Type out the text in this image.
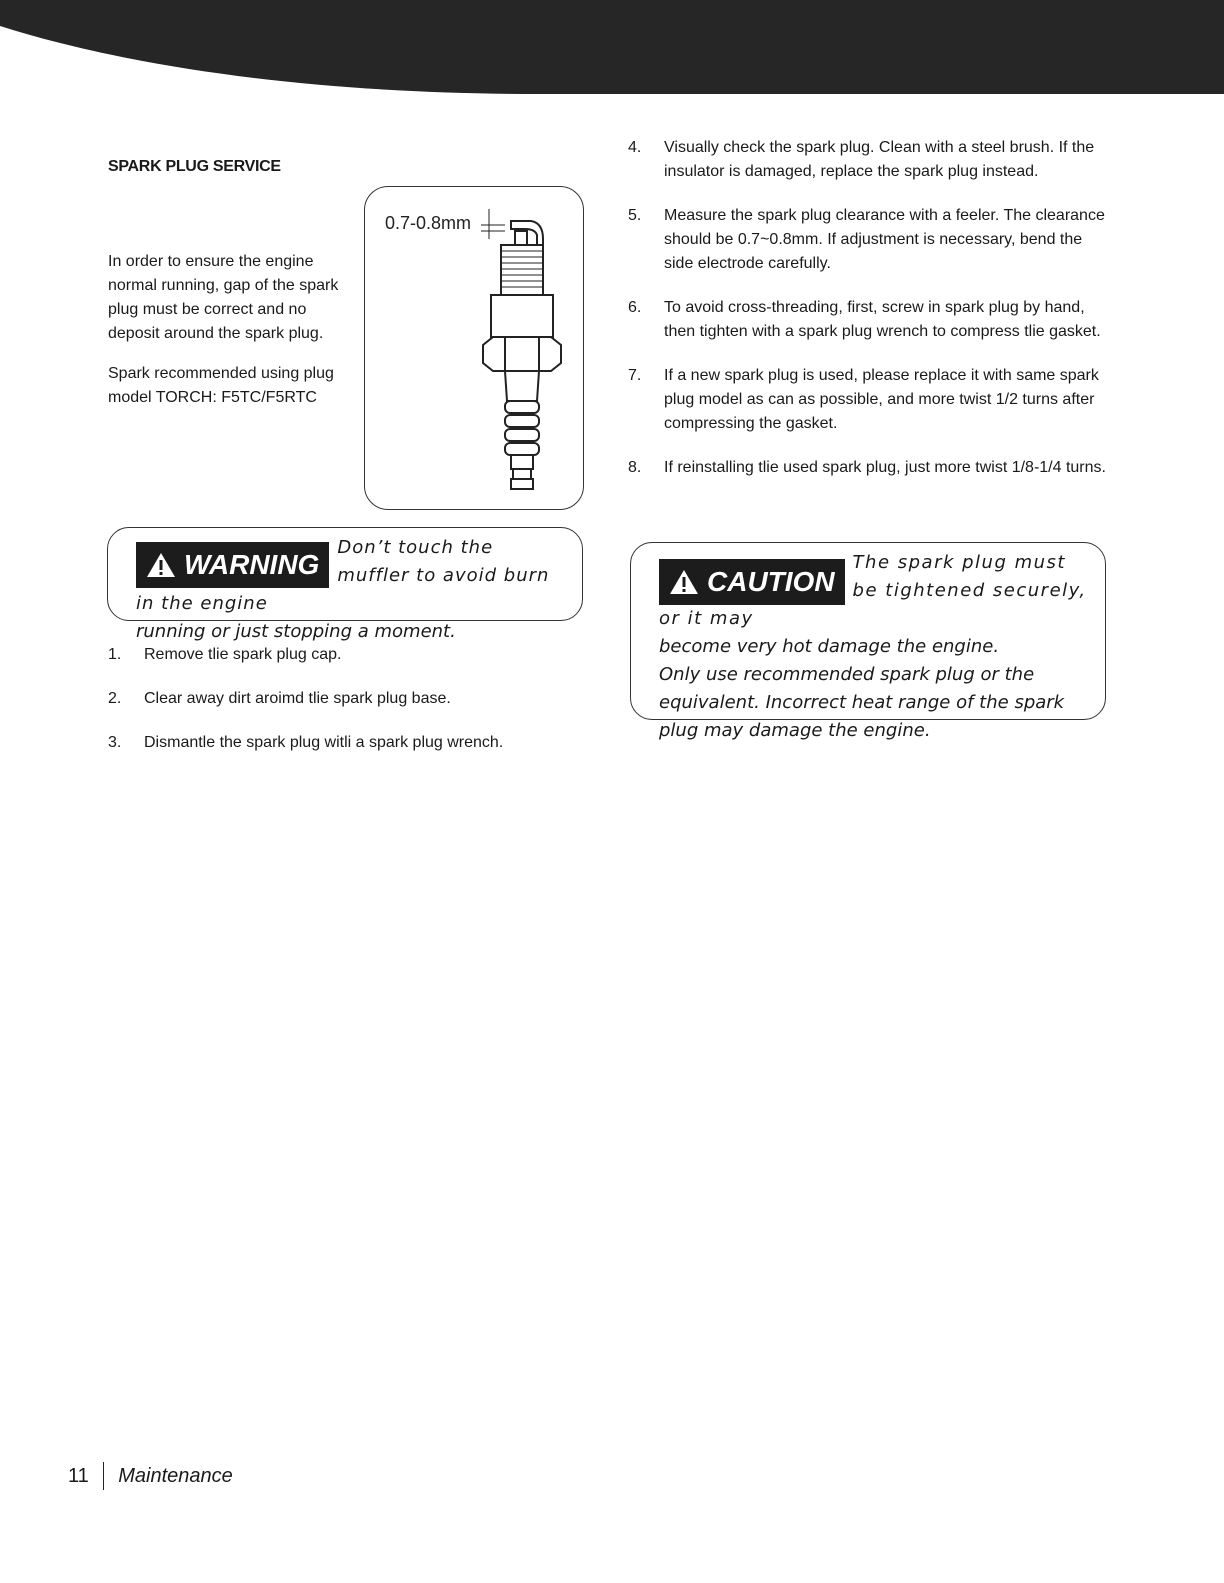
SPARK PLUG SERVICE

In order to ensure the engine normal running, gap of the spark plug must be correct and no deposit around the spark plug.

Spark recommended using plug model TORCH: F5TC/F5RTC

0.7-0.8mm
WARNING

Don’t touch the muffler to avoid burn in the engine

running or just stopping a moment.

1. Remove tlie spark plug cap.
2. Clear away dirt aroimd tlie spark plug base.
3. Dismantle the spark plug witli a spark plug wrench.
4. Visually check the spark plug. Clean with a steel brush. If the insulator is damaged, replace the spark plug instead.
5. Measure the spark plug clearance with a feeler. The clearance should be 0.7~0.8mm. If adjustment is necessary, bend the side electrode carefully.
6. To avoid cross-threading, first, screw in spark plug by hand, then tighten with a spark plug wrench to compress tlie gasket.
7. If a new spark plug is used, please replace it with same spark plug model as can as possible, and more twist 1/2 turns after compressing the gasket.
8. If reinstalling tlie used spark plug, just more twist 1/8-1/4 turns.
CAUTION

The spark plug must be tightened securely, or it may

become very hot damage the engine.

Only use recommended spark plug or the equivalent. Incorrect heat range of the spark plug may damage the engine.

11 Maintenance
